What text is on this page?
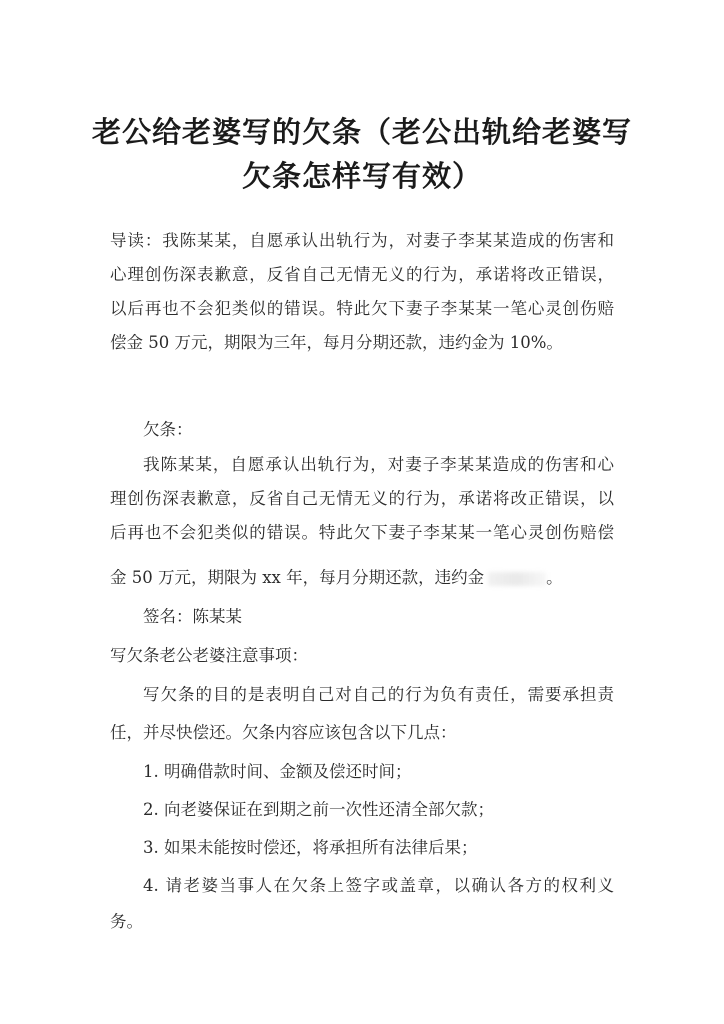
老公给老婆写的欠条（老公出轨给老婆写
欠条怎样写有效）
导读：我陈某某，自愿承认出轨行为，对妻子李某某造成的伤害和
心理创伤深表歉意，反省自己无情无义的行为，承诺将改正错误，
以后再也不会犯类似的错误。特此欠下妻子李某某一笔心灵创伤赔
偿金 50 万元，期限为三年，每月分期还款，违约金为 10%。
欠条：
我陈某某，自愿承认出轨行为，对妻子李某某造成的伤害和心
理创伤深表歉意，反省自己无情无义的行为，承诺将改正错误，以
后再也不会犯类似的错误。特此欠下妻子李某某一笔心灵创伤赔偿
金 50 万元，期限为 xx 年，每月分期还款，违约金	。
签名：陈某某
写欠条老公老婆注意事项：
写欠条的目的是表明自己对自己的行为负有责任，需要承担责
任，并尽快偿还。欠条内容应该包含以下几点：
1. 明确借款时间、金额及偿还时间；
2. 向老婆保证在到期之前一次性还清全部欠款；
3. 如果未能按时偿还，将承担所有法律后果；
4. 请老婆当事人在欠条上签字或盖章，以确认各方的权利义
务。
